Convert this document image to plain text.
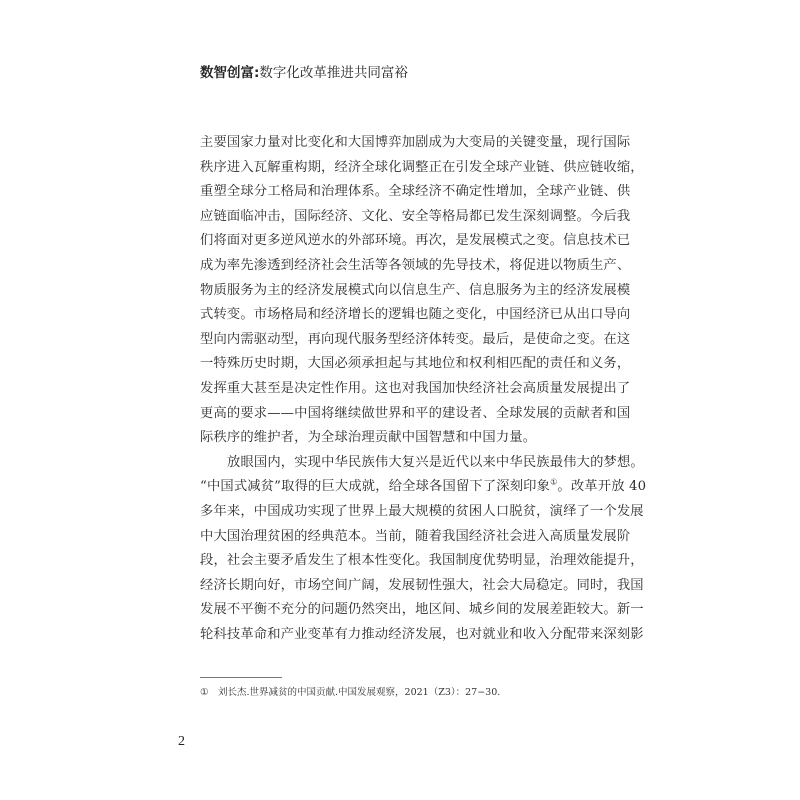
数智创富:数字化改革推进共同富裕
主要国家力量对比变化和大国博弈加剧成为大变局的关键变量，现行国际
秩序进入瓦解重构期，经济全球化调整正在引发全球产业链、供应链收缩，
重塑全球分工格局和治理体系。全球经济不确定性增加，全球产业链、供
应链面临冲击，国际经济、文化、安全等格局都已发生深刻调整。今后我
们将面对更多逆风逆水的外部环境。再次，是发展模式之变。信息技术已
成为率先渗透到经济社会生活等各领域的先导技术，将促进以物质生产、
物质服务为主的经济发展模式向以信息生产、信息服务为主的经济发展模
式转变。市场格局和经济增长的逻辑也随之变化，中国经济已从出口导向
型向内需驱动型，再向现代服务型经济体转变。最后，是使命之变。在这
一特殊历史时期，大国必须承担起与其地位和权利相匹配的责任和义务，
发挥重大甚至是决定性作用。这也对我国加快经济社会高质量发展提出了
更高的要求——中国将继续做世界和平的建设者、全球发展的贡献者和国
际秩序的维护者，为全球治理贡献中国智慧和中国力量。
放眼国内，实现中华民族伟大复兴是近代以来中华民族最伟大的梦想。
“中国式减贫”取得的巨大成就，给全球各国留下了深刻印象①。改革开放 40
多年来，中国成功实现了世界上最大规模的贫困人口脱贫，演绎了一个发展
中大国治理贫困的经典范本。当前，随着我国经济社会进入高质量发展阶
段，社会主要矛盾发生了根本性变化。我国制度优势明显，治理效能提升，
经济长期向好，市场空间广阔，发展韧性强大，社会大局稳定。同时，我国
发展不平衡不充分的问题仍然突出，地区间、城乡间的发展差距较大。新一
轮科技革命和产业变革有力推动经济发展，也对就业和收入分配带来深刻影
① 刘长杰.世界减贫的中国贡献.中国发展观察，2021（Z3）：27−30.
2
